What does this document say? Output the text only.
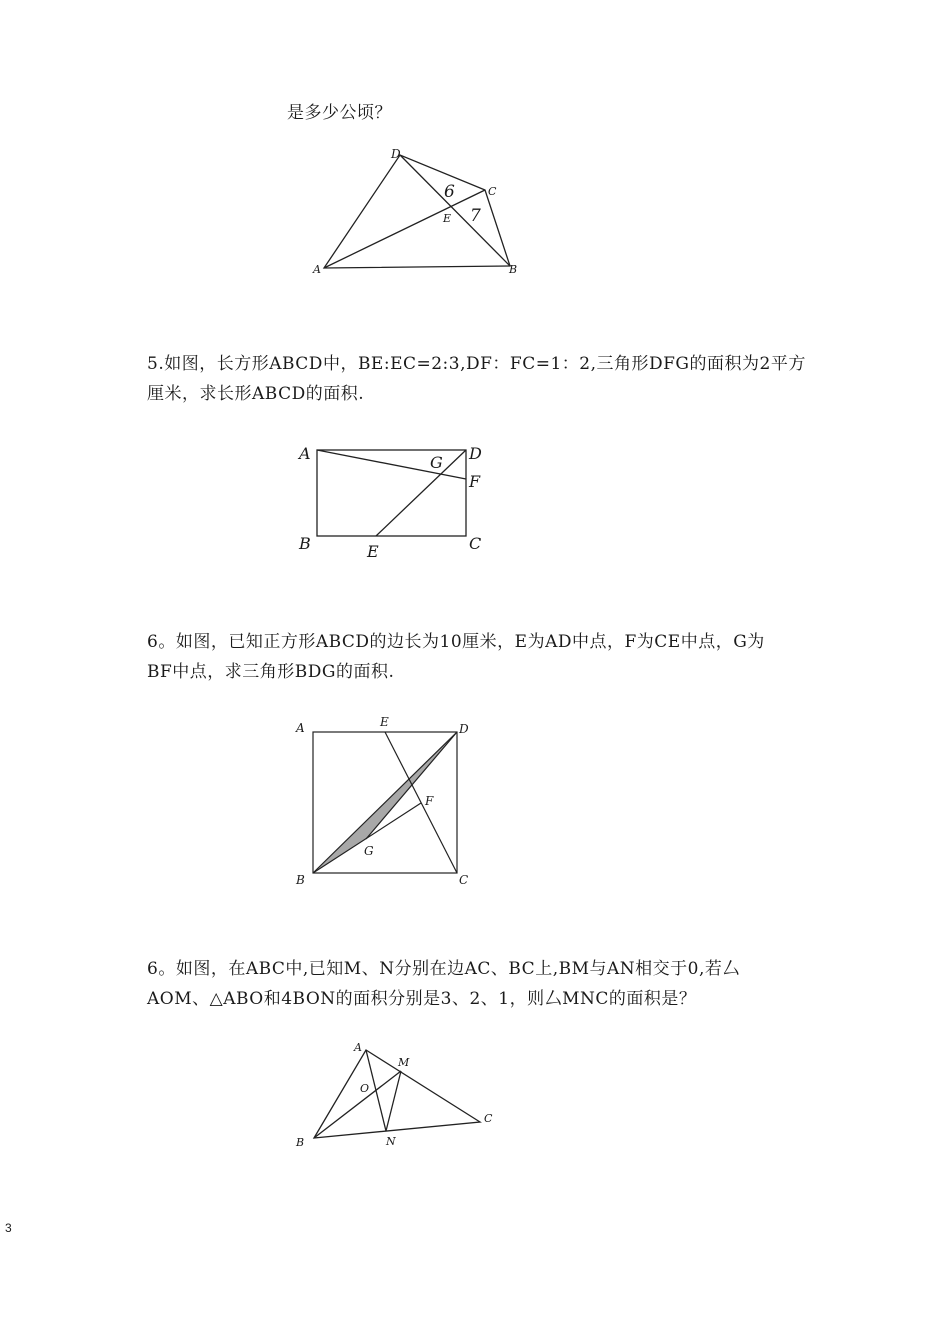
是多少公顷？
D
C
A	B
E
6
7
5.如图，长方形ABCD中，BE:EC=2:3,DF：FC=1：2,三角形DFG的面积为2平方
厘米，求长形ABCD的面积.
A	D
F
G
B	C
E
6。如图，已知正方形ABCD的边长为10厘米，E为AD中点，F为CE中点，G为
BF中点，求三角形BDG的面积.
A	E	D
F
G
B	C
6。如图，在ABC中,已知M、N分别在边AC、BC上,BM与AN相交于0,若厶
AOM、△ABO和4BON的面积分别是3、2、1，则厶MNC的面积是？
A
M
O
C
B	N
3
